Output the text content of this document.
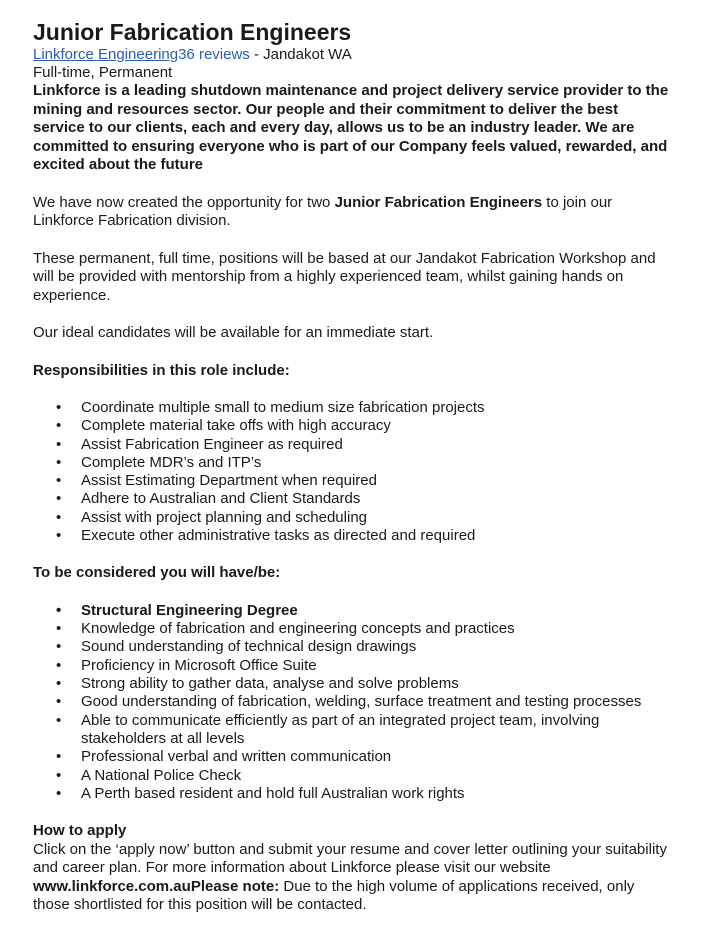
Junior Fabrication Engineers
Linkforce Engineering36 reviews - Jandakot WA
Full-time, Permanent

Linkforce is a leading shutdown maintenance and project delivery service provider to the mining and resources sector. Our people and their commitment to deliver the best service to our clients, each and every day, allows us to be an industry leader. We are committed to ensuring everyone who is part of our Company feels valued, rewarded, and excited about the future

We have now created the opportunity for two Junior Fabrication Engineers to join our Linkforce Fabrication division.

These permanent, full time, positions will be based at our Jandakot Fabrication Workshop and will be provided with mentorship from a highly experienced team, whilst gaining hands on experience.

Our ideal candidates will be available for an immediate start.

Responsibilities in this role include:

• Coordinate multiple small to medium size fabrication projects
• Complete material take offs with high accuracy
• Assist Fabrication Engineer as required
• Complete MDR’s and ITP’s
• Assist Estimating Department when required
• Adhere to Australian and Client Standards
• Assist with project planning and scheduling
• Execute other administrative tasks as directed and required

To be considered you will have/be:

• Structural Engineering Degree
• Knowledge of fabrication and engineering concepts and practices
• Sound understanding of technical design drawings
• Proficiency in Microsoft Office Suite
• Strong ability to gather data, analyse and solve problems
• Good understanding of fabrication, welding, surface treatment and testing processes
• Able to communicate efficiently as part of an integrated project team, involving stakeholders at all levels
• Professional verbal and written communication
• A National Police Check
• A Perth based resident and hold full Australian work rights

How to apply

Click on the ‘apply now’ button and submit your resume and cover letter outlining your suitability and career plan. For more information about Linkforce please visit our website www.linkforce.com.auPlease note: Due to the high volume of applications received, only those shortlisted for this position will be contacted.
